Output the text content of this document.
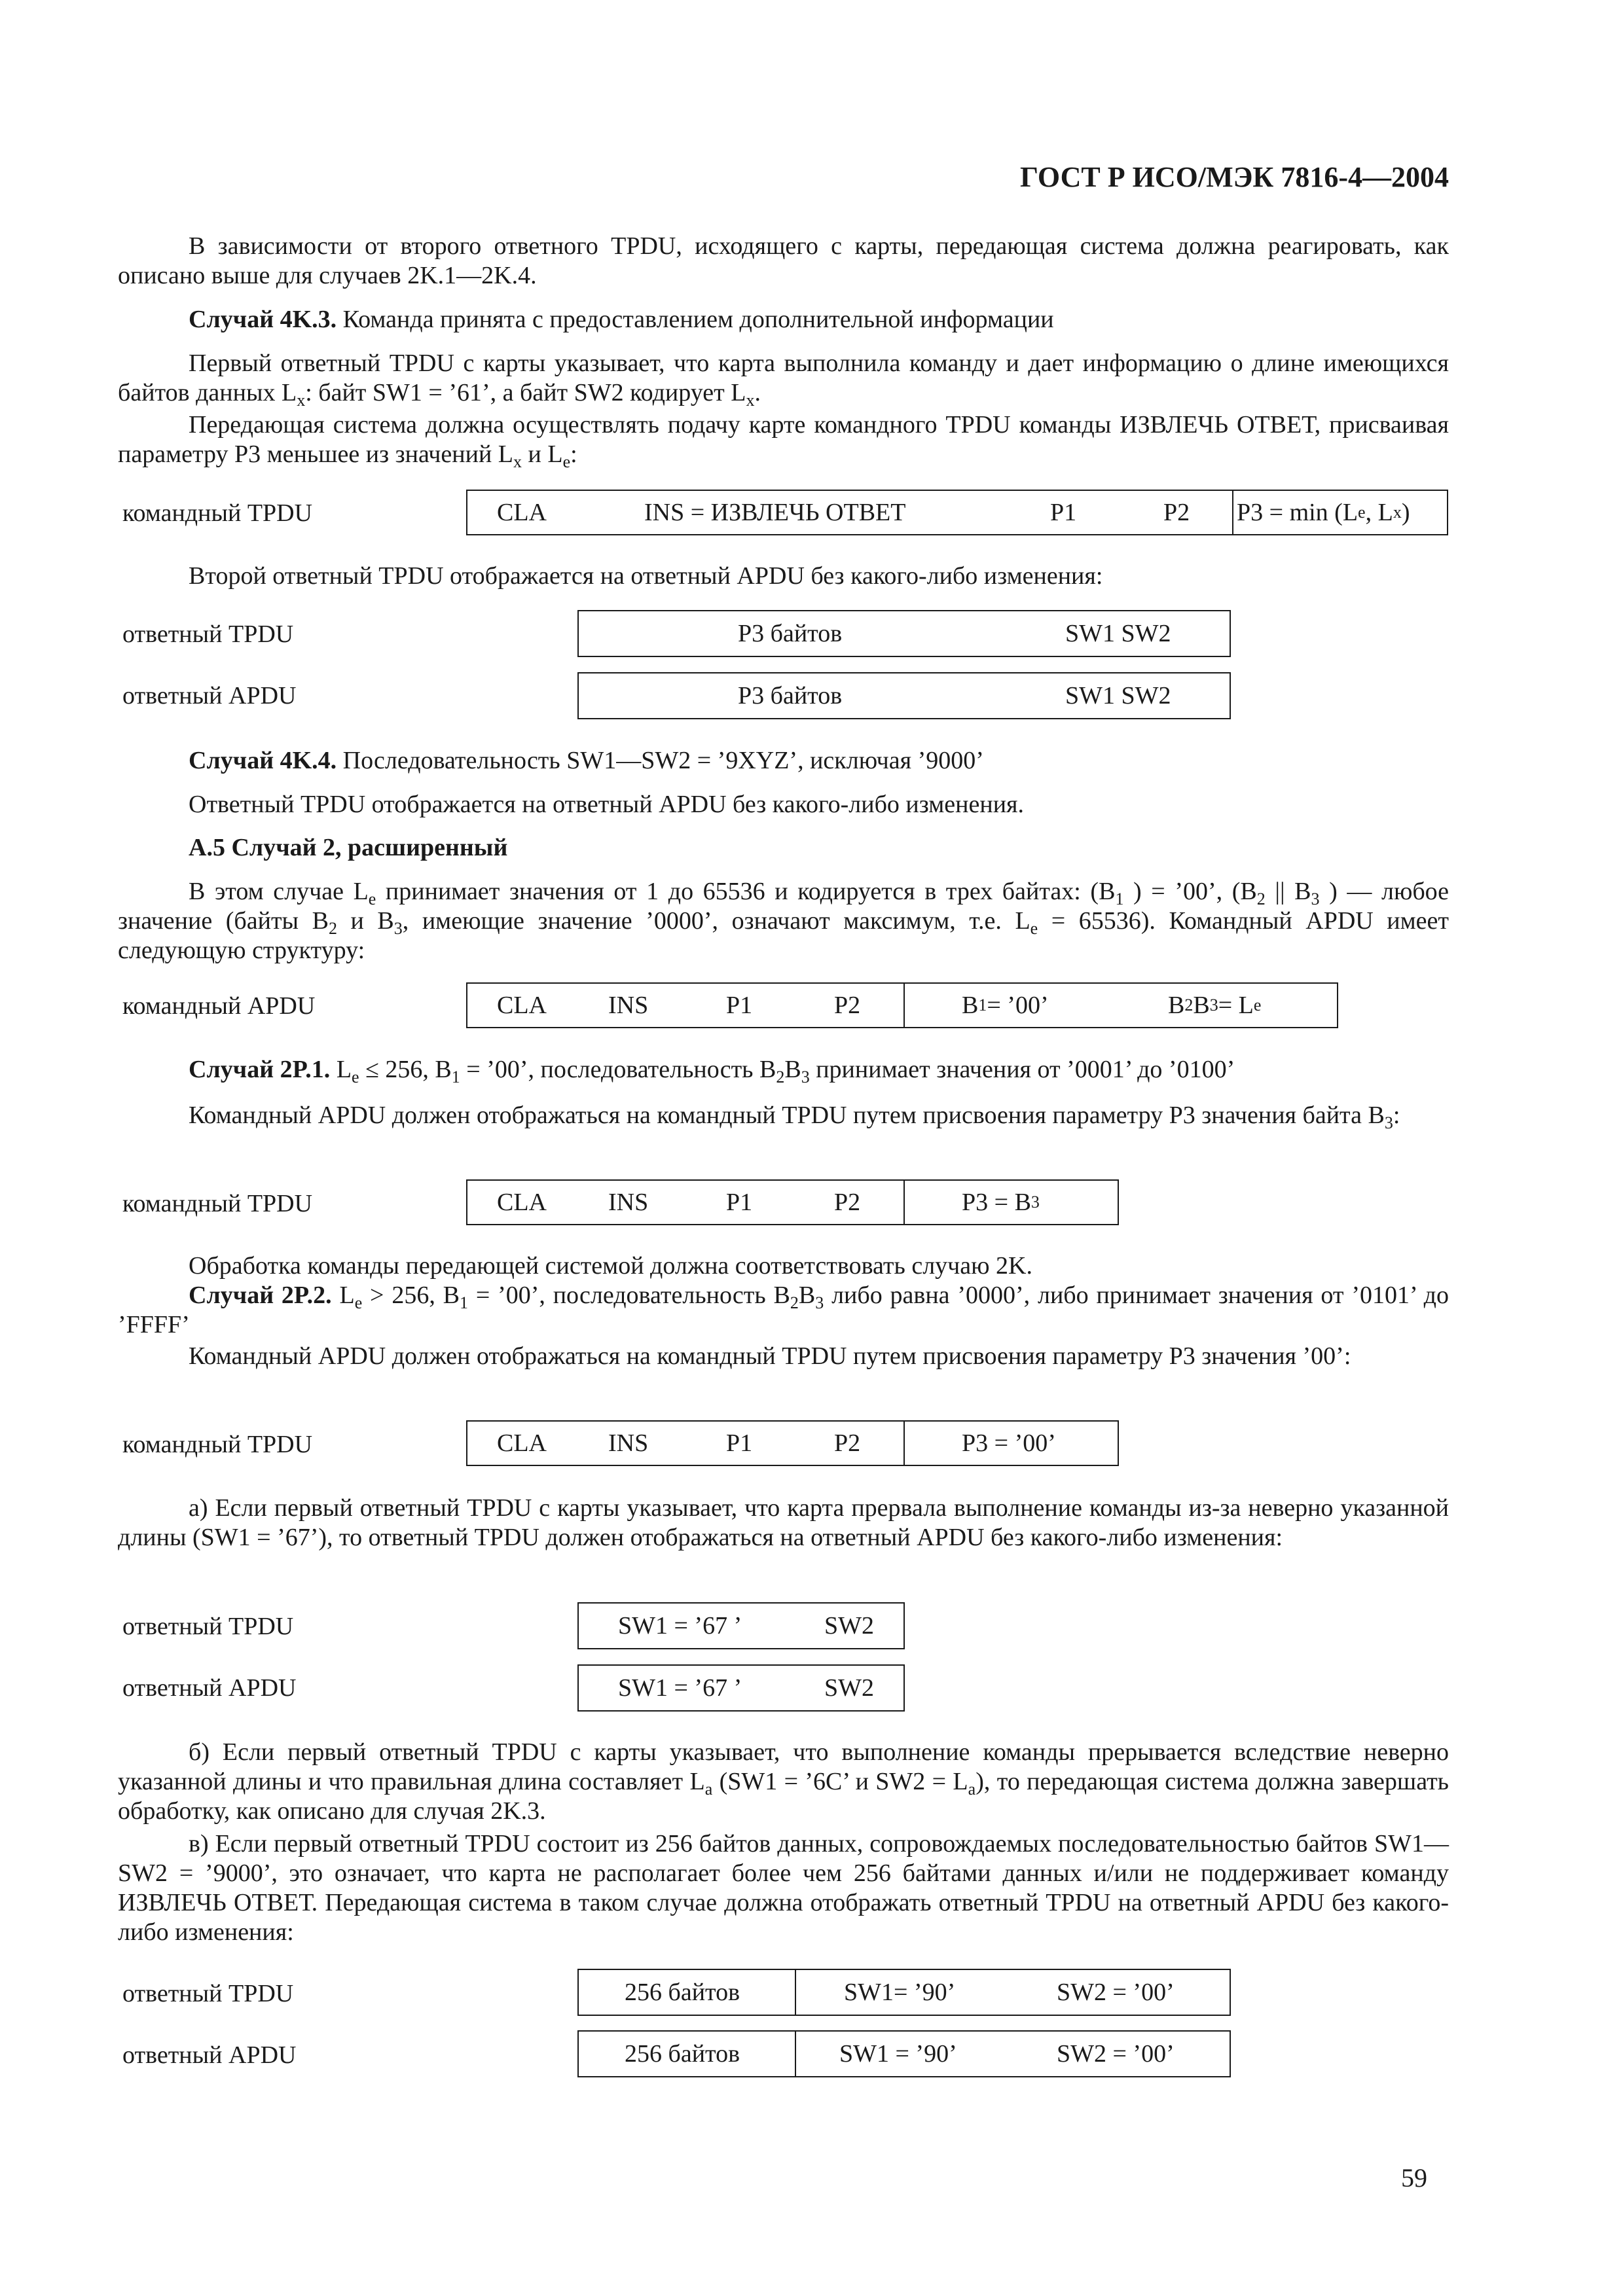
ГОСТ Р ИСО/МЭК 7816-4—2004
В зависимости от второго ответного TPDU, исходящего с карты, передающая система должна реагировать, как описано выше для случаев 2K.1—2K.4.
Случай 4K.3. Команда принята с предоставлением дополнительной информации
Первый ответный TPDU с карты указывает, что карта выполнила команду и дает информацию о длине имеющихся байтов данных $L_x$: байт SW1 = ’61’, а байт SW2 кодирует $L_x$.
Передающая система должна осуществлять подачу карте командного TPDU команды ИЗВЛЕЧЬ ОТВЕТ, присваивая параметру P3 меньшее из значений $L_x$ и $L_e$:
командный TPDU	CLA	INS = ИЗВЛЕЧЬ ОТВЕТ	P1	P2 P3 = min (L e , L x )
Второй ответный TPDU отображается на ответный APDU без какого-либо изменения:
ответный TPDU	P3 байтов	SW1 SW2
ответный APDU	P3 байтов	SW1 SW2
Случай 4K.4. Последовательность SW1—SW2 = ’9XYZ’, исключая ’9000’
Ответный TPDU отображается на ответный APDU без какого-либо изменения.
A.5 Случай 2, расширенный
В этом случае $L_e$ принимает значения от 1 до 65536 и кодируется в трех байтах: ($B_1$ ) = ’00’, ($B_2$ || $B_3$ ) — любое значение (байты $B_2$ и $B_3$, имеющие значение ’0000’, означают максимум, т.е. $L_e = 65536$). Командный APDU имеет следующую структуру:
командный APDU	CLA INS	P1	P2	B 1 = ’00’	B 2 B 3 = L e
Случай 2P.1. $L_e \le 256$, $B_1$ = ’00’, последовательность $B_2B_3$ принимает значения от ’0001’ до ’0100’
Командный APDU должен отображаться на командный TPDU путем присвоения параметру P3 значения байта $B_3$:
командный TPDU	CLA INS	P1	P2	P3 = B 3
Обработка команды передающей системой должна соответствовать случаю 2K.
Случай 2P.2. $L_e > 256$, $B_1$ = ’00’, последовательность $B_2B_3$ либо равна ’0000’, либо принимает значения от ’0101’ до ’FFFF’
Командный APDU должен отображаться на командный TPDU путем присвоения параметру P3 значения ’00’:
командный TPDU	CLA INS	P1	P2	P3 = ’00’
а) Если первый ответный TPDU с карты указывает, что карта прервала выполнение команды из-за неверно указанной длины (SW1 = ’67’), то ответный TPDU должен отображаться на ответный APDU без какого-либо изменения:
ответный TPDU	SW1 = ’67 ’	SW2
ответный APDU	SW1 = ’67 ’	SW2
б) Если первый ответный TPDU с карты указывает, что выполнение команды прерывается вследствие неверно указанной длины и что правильная длина составляет $L_a$ (SW1 = ’6C’ и $SW2 = L_a$), то передающая система должна завершать обработку, как описано для случая 2K.3.
в) Если первый ответный TPDU состоит из 256 байтов данных, сопровождаемых последовательностью байтов SW1—SW2 = ’9000’, это означает, что карта не располагает более чем 256 байтами данных и/или не поддерживает команду ИЗВЛЕЧЬ ОТВЕТ. Передающая система в таком случае должна отображать ответный TPDU на ответный APDU без какого-либо изменения:
ответный TPDU	256 байтов	SW1= ’90’	SW2 = ’00’
ответный APDU	256 байтов	SW1 = ’90’	SW2 = ’00’
59
